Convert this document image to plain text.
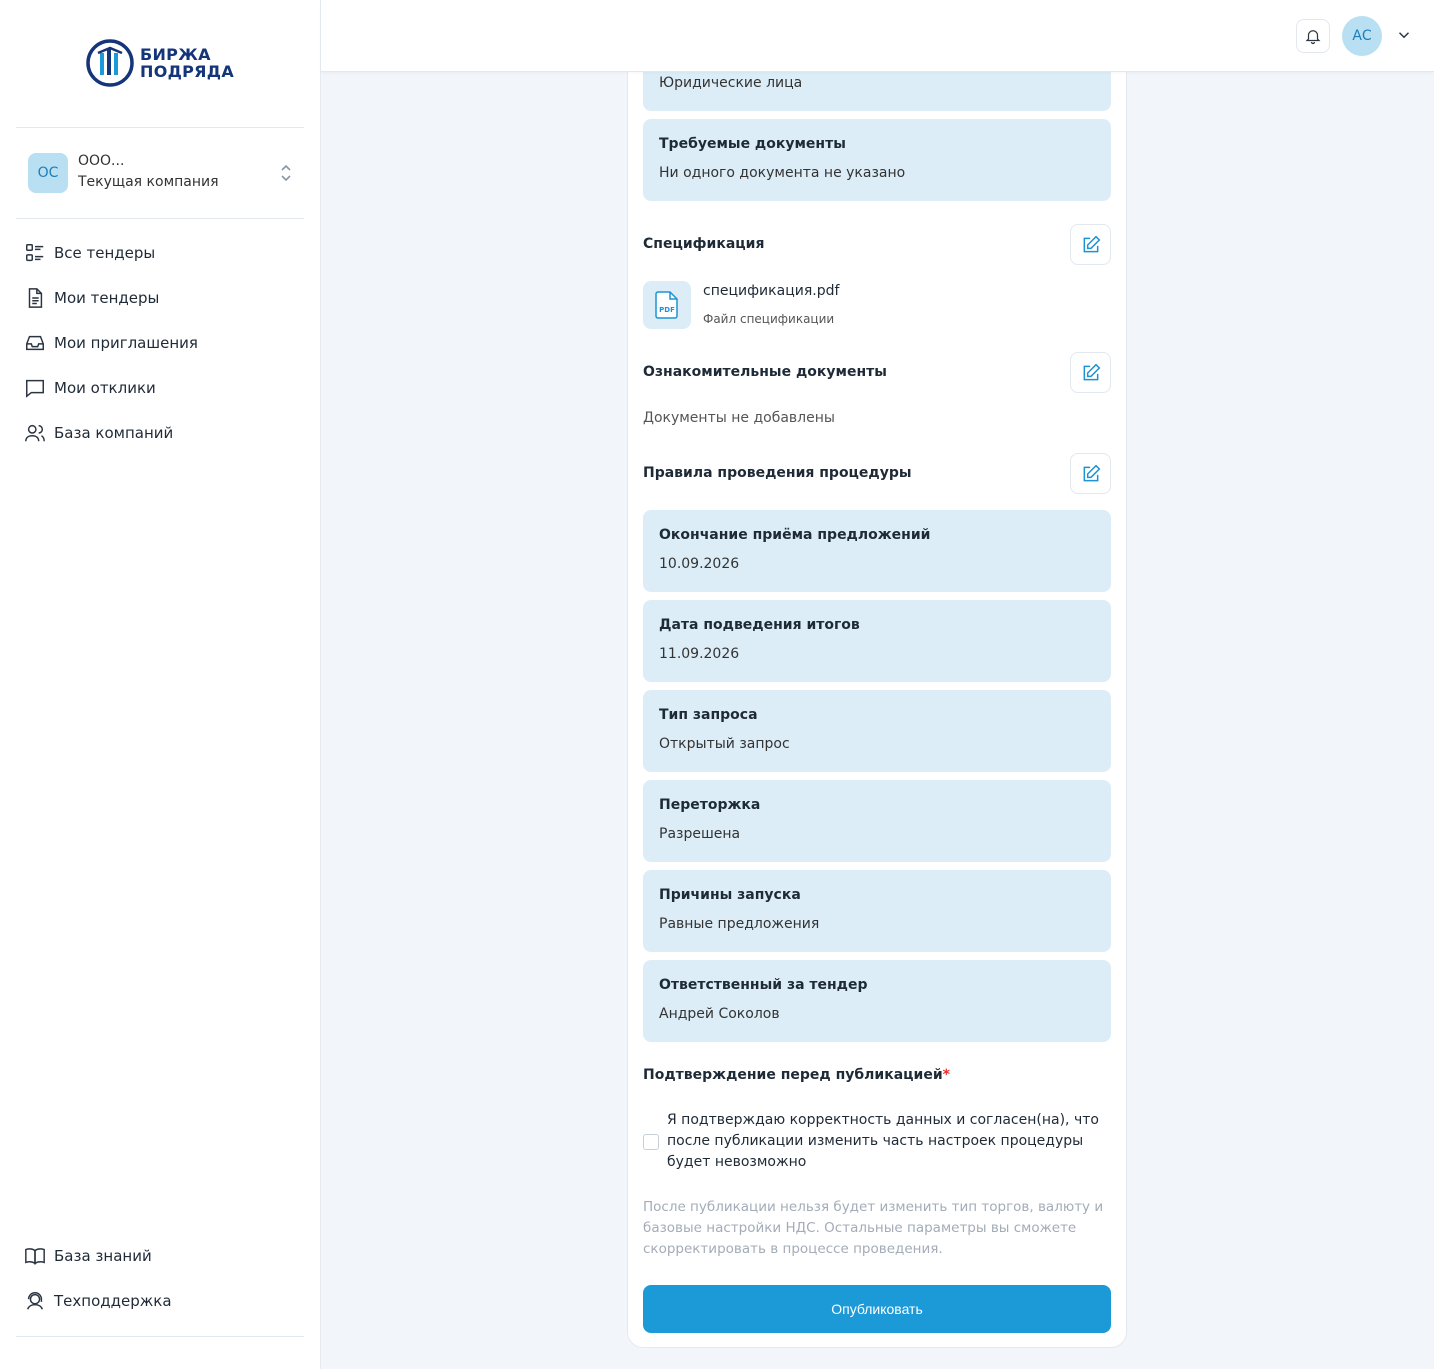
БИРЖА
ПОДРЯДА
ОС
ООО...
Текущая компания
Все тендеры
Мои тендеры
Мои приглашения
Мои отклики
База компаний
База знаний
Техподдержка
АС
Юридические лица
Требуемые документы
Ни одного документа не указано
Спецификация
PDF
спецификация.pdf
Файл спецификации
Ознакомительные документы
Документы не добавлены
Правила проведения процедуры
Окончание приёма предложений
10.09.2026
Дата подведения итогов
11.09.2026
Тип запроса
Открытый запрос
Переторжка
Разрешена
Причины запуска
Равные предложения
Ответственный за тендер
Андрей Соколов
Подтверждение перед публикацией*
Я подтверждаю корректность данных и согласен(на), что после публикации изменить часть настроек процедуры будет невозможно
После публикации нельзя будет изменить тип торгов, валюту и базовые настройки НДС. Остальные параметры вы сможете скорректировать в процессе проведения.
Опубликовать
